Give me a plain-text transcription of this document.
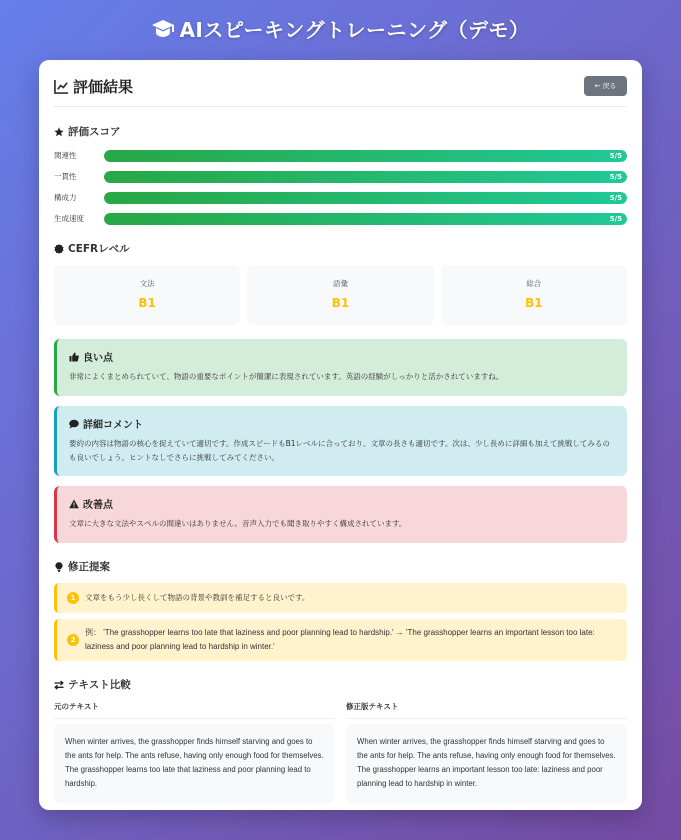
AIスピーキングトレーニング（デモ）
評価結果	← 戻る
評価スコア
関連性	5/5
一貫性	5/5
構成力	5/5
生成速度	5/5
CEFRレベル
文法
B1
語彙
B1
総合
B1
良い点
非常によくまとめられていて、物語の重要なポイントが簡潔に表現されています。英語の経験がしっかりと活かされていますね。
詳細コメント
要約の内容は物語の核心を捉えていて適切です。作成スピードもB1レベルに合っており、文章の長さも適切です。次は、少し長めに詳細も加えて挑戦してみるのも良いでしょう。ヒントなしでさらに挑戦してみてください。
改善点
文章に大きな文法やスペルの間違いはありません。音声入力でも聞き取りやすく構成されています。
修正提案
1	文章をもう少し長くして物語の背景や教訓を補足すると良いです。
2
例： 'The grasshopper learns too late that laziness and poor planning lead to hardship.' → 'The grasshopper learns an important lesson too late: laziness and poor planning lead to hardship in winter.'
テキスト比較
元のテキスト
When winter arrives, the grasshopper finds himself starving and goes to the ants for help. The ants refuse, having only enough food for themselves. The grasshopper learns too late that laziness and poor planning lead to hardship.
修正版テキスト
When winter arrives, the grasshopper finds himself starving and goes to the ants for help. The ants refuse, having only enough food for themselves. The grasshopper learns an important lesson too late: laziness and poor planning lead to hardship in winter.
